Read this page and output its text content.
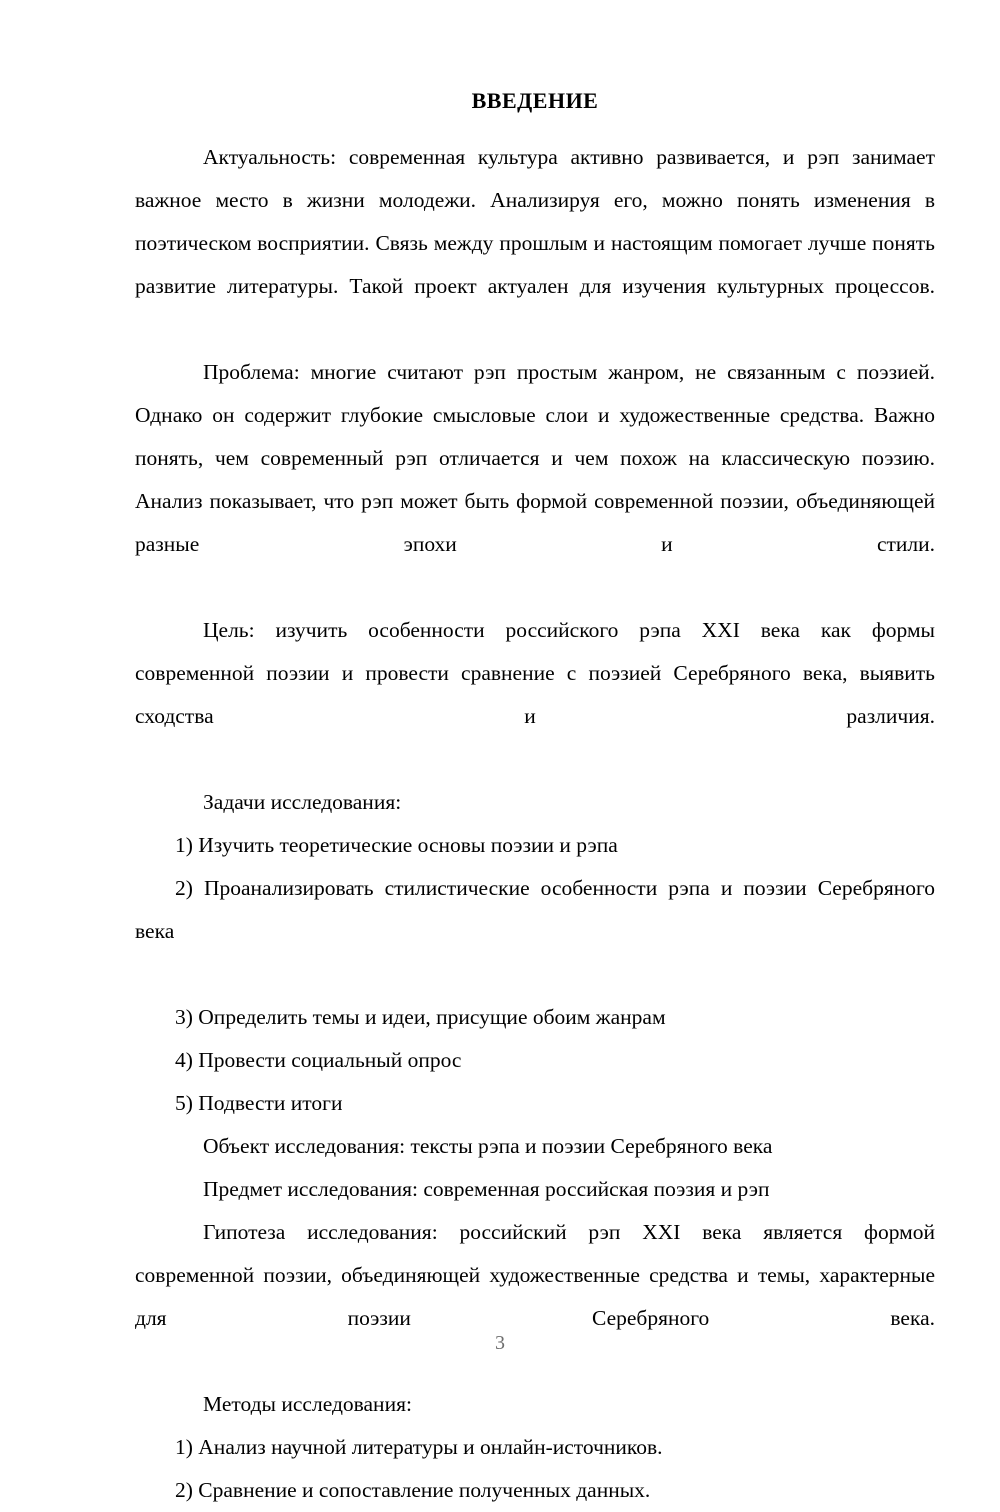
ВВЕДЕНИЕ

Актуальность: современная культура активно развивается, и рэп занимает важное место в жизни молодежи. Анализируя его, можно понять изменения в поэтическом восприятии. Связь между прошлым и настоящим помогает лучше понять развитие литературы. Такой проект актуален для изучения культурных процессов.

Проблема: многие считают рэп простым жанром, не связанным с поэзией. Однако он содержит глубокие смысловые слои и художественные средства. Важно понять, чем современный рэп отличается и чем похож на классическую поэзию. Анализ показывает, что рэп может быть формой современной поэзии, объединяющей разные эпохи и стили.

Цель: изучить особенности российского рэпа XXI века как формы современной поэзии и провести сравнение с поэзией Серебряного века, выявить сходства и различия.

Задачи исследования:

1) Изучить теоретические основы поэзии и рэпа

2) Проанализировать стилистические особенности рэпа и поэзии Серебряного века

3) Определить темы и идеи, присущие обоим жанрам

4) Провести социальный опрос

5) Подвести итоги

Объект исследования: тексты рэпа и поэзии Серебряного века

Предмет исследования: современная российская поэзия и рэп

Гипотеза исследования: российский рэп XXI века является формой современной поэзии, объединяющей художественные средства и темы, характерные для поэзии Серебряного века.

Методы исследования:

1) Анализ научной литературы и онлайн-источников.

2) Сравнение и сопоставление полученных данных.

3
